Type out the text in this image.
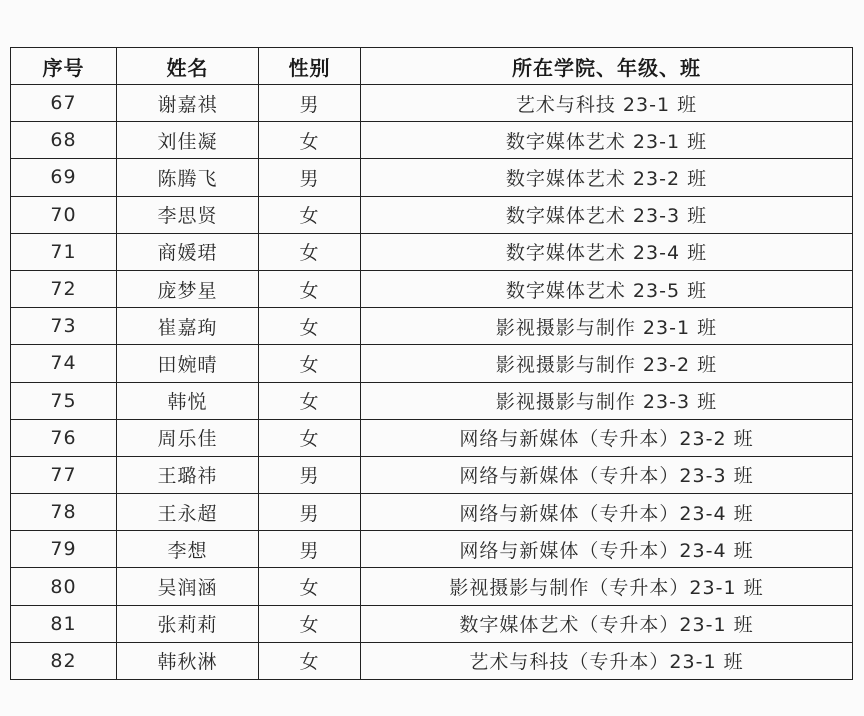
序号	姓名	性别	所在学院、年级、班
67	谢嘉祺	男	艺术与科技 23-1 班
68	刘佳凝	女	数字媒体艺术 23-1 班
69	陈腾飞	男	数字媒体艺术 23-2 班
70	李思贤	女	数字媒体艺术 23-3 班
71	商媛珺	女	数字媒体艺术 23-4 班
72	庞梦星	女	数字媒体艺术 23-5 班
73	崔嘉珣	女	影视摄影与制作 23-1 班
74	田婉晴	女	影视摄影与制作 23-2 班
75	韩悦	女	影视摄影与制作 23-3 班
76	周乐佳	女	网络与新媒体（专升本）23-2 班
77	王璐祎	男	网络与新媒体（专升本）23-3 班
78	王永超	男	网络与新媒体（专升本）23-4 班
79	李想	男	网络与新媒体（专升本）23-4 班
80	吴润涵	女	影视摄影与制作（专升本）23-1 班
81	张莉莉	女	数字媒体艺术（专升本）23-1 班
82	韩秋淋	女	艺术与科技（专升本）23-1 班
